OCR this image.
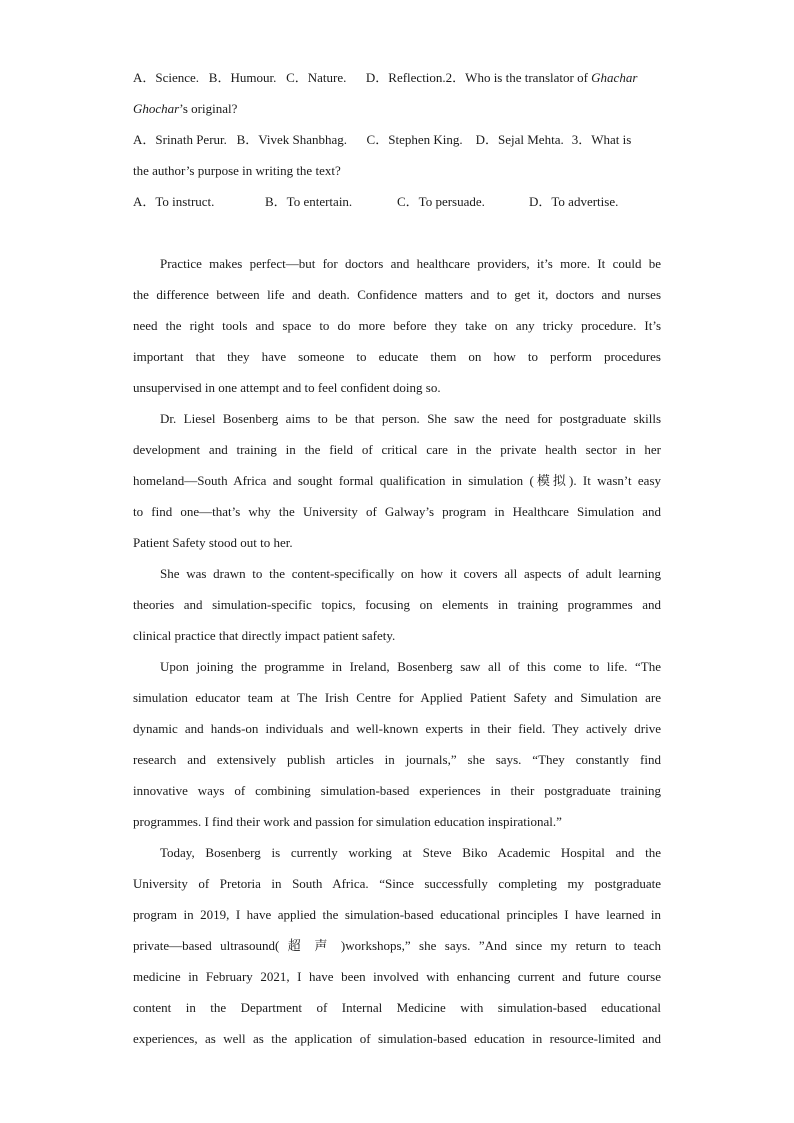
A．Science.   B．Humour.   C．Nature.      D．Reflection.2．Who is the translator of Ghachar
Ghochar’s original?
A．Srinath Perur.   B．Vivek Shanbhag.      C．Stephen King.    D．Sejal Mehta. 3．What is
the author’s purpose in writing the text?
A．To instruct.	B．To entertain.	C．To persuade.	D．To advertise.
Practice makes perfect—but for doctors and healthcare providers, it’s more. It could be
the difference between life and death. Confidence matters and to get it, doctors and nurses
need the right tools and space to do more before they take on any tricky procedure. It’s
important that they have someone to educate them on how to perform procedures
unsupervised in one attempt and to feel confident doing so.
Dr. Liesel Bosenberg aims to be that person. She saw the need for postgraduate skills
development and training in the field of critical care in the private health sector in her
homeland—South Africa and sought formal qualification in simulation (模拟). It wasn’t easy
to find one—that’s why the University of Galway’s program in Healthcare Simulation and
Patient Safety stood out to her.
She was drawn to the content-specifically on how it covers all aspects of adult learning
theories and simulation-specific topics, focusing on elements in training programmes and
clinical practice that directly impact patient safety.
Upon joining the programme in Ireland, Bosenberg saw all of this come to life. “The
simulation educator team at The Irish Centre for Applied Patient Safety and Simulation are
dynamic and hands-on individuals and well-known experts in their field. They actively drive
research and extensively publish articles in journals,” she says. “They constantly find
innovative ways of combining simulation-based experiences in their postgraduate training
programmes. I find their work and passion for simulation education inspirational.”
Today, Bosenberg is currently working at Steve Biko Academic Hospital and the
University of Pretoria in South Africa. “Since successfully completing my postgraduate
program in 2019, I have applied the simulation-based educational principles I have learned in
private—based ultrasound( 超 声 )workshops,” she says. ”And since my return to teach
medicine in February 2021, I have been involved with enhancing current and future course
content in the Department of Internal Medicine with simulation-based educational
experiences, as well as the application of simulation-based education in resource-limited and
